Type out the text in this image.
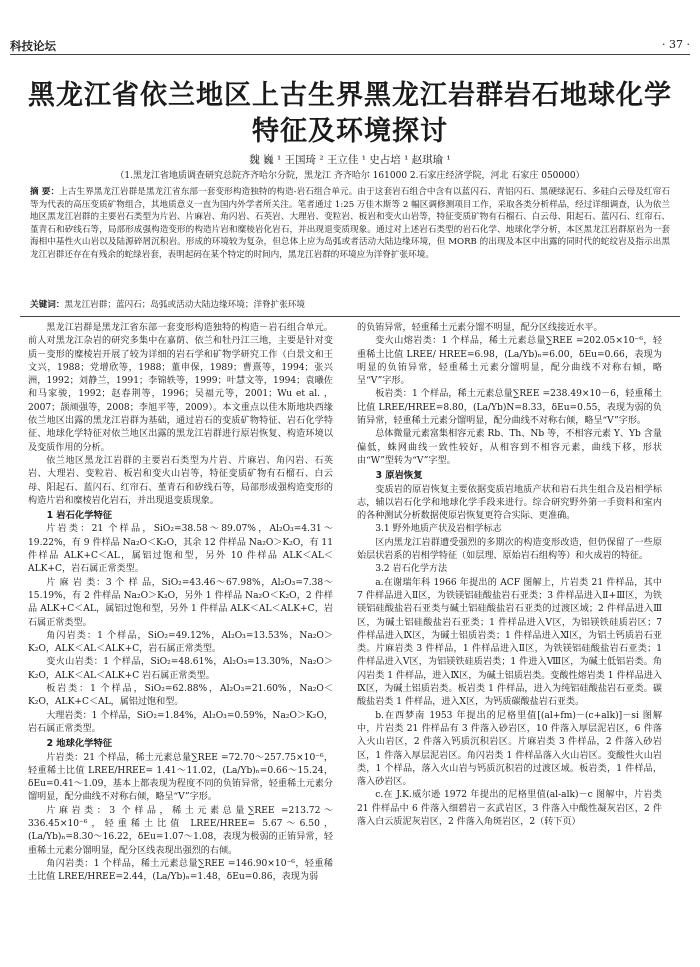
科技论坛	· 37 ·
黑龙江省依兰地区上古生界黑龙江岩群岩石地球化学特征及环境探讨
魏 巍 ¹ 王国琦 ² 王立佳 ¹ 史占培 ¹ 赵琪瑜 ¹
（1.黑龙江省地质调查研究总院齐齐哈尔分院，黑龙江 齐齐哈尔 161000 2.石家庄经济学院，河北 石家庄 050000）
摘 要：上古生界黑龙江岩群是黑龙江省东部一套变形构造独特的构造-岩石组合单元。由于这套岩石组合中含有以蓝闪石、青铝闪石、黑硬绿泥石、多硅白云母及红帘石等为代表的高压变质矿物组合，其地质意义一直为国内外学者所关注。笔者通过 1:25 万佳木斯等 2 幅区调修测项目工作，采取各类分析样品，经过详细调查，认为依兰地区黑龙江岩群的主要岩石类型为片岩、片麻岩、角闪岩、石英岩、大理岩、变粒岩、板岩和变火山岩等，特征变质矿物有石榴石、白云母、阳起石、蓝闪石、红帘石、堇青石和矽线石等，局部形成强构造变形的构造片岩和糜棱岩化岩石，并出现退变质现象。通过对上述岩石类型的岩石化学、地球化学分析，本区黑龙江岩群原岩为一套海相中基性火山岩以及陆源碎屑沉积岩。形成的环境较为复杂，但总体上应为岛弧或者活动大陆边缘环境，但 MORB 的出现及本区中出露的同时代的蛇纹岩及指示出黑龙江岩群还存在有残余的蛇绿岩套，表明起码在某个特定的时间内，黑龙江岩群的环境应为洋脊扩张环境。
关键词：黑龙江岩群；蓝闪石；岛弧或活动大陆边缘环境；洋脊扩张环境

黑龙江岩群是黑龙江省东部一套变形构造独特的构造－岩石组合单元。前人对黑龙江杂岩的研究多集中在嘉荫、依兰和牡丹江三地，主要是针对变质－变形的糜棱岩开展了较为详细的岩石学和矿物学研究工作（白景文和王文兴，1988；党增欣等，1988；董申保，1989；曹熹等，1994；张兴洲，1992；刘静兰，1991；李锦轶等，1999；叶慧文等，1994；袁曦佐和马家骏，1992；赵春荆等，1996；吴福元等，2001；Wu et al. ，2007；颉颃强等，2008；李旭平等，2009）。本文重点以佳木斯地块西缘依兰地区出露的黑龙江岩群为基础，通过岩石的变质矿物特征、岩石化学特征、地球化学特征对依兰地区出露的黑龙江岩群进行原岩恢复、构造环境以及变质作用的分析。

依兰地区黑龙江岩群的主要岩石类型为片岩、片麻岩、角闪岩、石英岩、大理岩、变粒岩、板岩和变火山岩等，特征变质矿物有石榴石、白云母、阳起石、蓝闪石、红帘石、堇青石和矽线石等，局部形成强构造变形的构造片岩和糜棱岩化岩石，并出现退变质现象。

1 岩石化学特征

片岩类：21 个样品，SiO₂=38.58～89.07%，Al₂O₃=4.31～19.22%，有 9 件样品 Na₂O＜K₂O，其余 12 件样品 Na₂O＞K₂O，有 11 件样品 ALK+C＜AL，属铝过饱和型，另外 10 件样品 ALK＜AL＜ALK+C，岩石属正常类型。

片 麻 岩 类：3 个 样 品，SiO₂=43.46～67.98%，Al₂O₃=7.38～15.19%，有 2 件样品 Na₂O＞K₂O，另外 1 件样品 Na₂O＜K₂O，2 件样品 ALK+C＜AL，属铝过饱和型，另外 1 件样品 ALK＜AL＜ALK+C，岩石属正常类型。

角闪岩类：1 个样品，SiO₂=49.12%，Al₂O₃=13.53%，Na₂O＞K₂O，ALK＜AL＜ALK+C，岩石属正常类型。

变火山岩类：1 个样品，SiO₂=48.61%，Al₂O₃=13.30%，Na₂O＞K₂O，ALK＜AL＜ALK+C 岩石属正常类型。

板岩类：1 个样品，SiO₂=62.88%，Al₂O₃=21.60%，Na₂O＜K₂O，ALK+C＜AL，属铝过饱和型。

大理岩类：1 个样品，SiO₂=1.84%，Al₂O₃=0.59%，Na₂O＞K₂O，岩石属正常类型。

2 地球化学特征

片岩类：21 个样品，稀土元素总量∑REE =72.70～257.75×10⁻⁶，轻重稀土比值 LREE/HREE= 1.41～11.02，(La/Yb)ₙ=0.66～15.24，δEu=0.41～1.09，基本上都表现为程度不同的负铕异常，轻重稀土元素分馏明显，配分曲线不对称右倾，略呈“V”字形。

片麻岩类：3 个样品，稀土元素总量∑REE =213.72～336.45×10⁻⁶，轻重稀土比值 LREE/HREE= 5.67～6.50，(La/Yb)ₙ=8.30～16.22，δEu=1.07～1.08，表现为极弱的正铕异常，轻重稀土元素分馏明显，配分区线表现出强烈的右倾。

角闪岩类：1 个样品，稀土元素总量∑REE =146.90×10⁻⁶，轻重稀土比值 LREE/HREE=2.44，(La/Yb)ₙ=1.48，δEu=0.86，表现为弱

的负铕异常，轻重稀土元素分馏不明显，配分区线接近水平。

变火山熔岩类：1 个样品，稀土元素总量∑REE =202.05×10⁻⁶，轻重稀土比值 LREE/ HREE=6.98，(La/Yb)ₙ=6.00，δEu=0.66，表现为明显的负铕异常，轻重稀土元素分馏明显，配分曲线不对称右倾，略呈“V”字形。

板岩类：1 个样品，稀土元素总量∑REE =238.49×10－6，轻重稀土比值 LREE/HREE=8.80，(La/Yb)N=8.33，δEu=0.55，表现为弱的负铕异常，轻重稀土元素分馏明显，配分曲线不对称右倾，略呈“V”字形。

总体微量元素富集相容元素 Rb、Th、Nb 等，不相容元素 Y、Yb 含量偏低，蛛网曲线一致性较好，从相容到不相容元素，曲线下移，形状由“W”型转为“V”字型。

3 原岩恢复

变质岩的原岩恢复主要依据变质岩地质产状和岩石共生组合及岩相学标志，辅以岩石化学和地球化学手段来进行。综合研究野外第一手资料和室内的各种测试分析数据使原岩恢复更符合实际、更准确。

3.1 野外地质产状及岩相学标志

区内黑龙江岩群遭受强烈的多期次的构造变形改造，但仍保留了一些原始层状岩系的岩相学特征（如层理、原始岩石组构等）和火成岩的特征。

3.2 岩石化学方法

a.在谢瑞年科 1966 年提出的 ACF 图解上，片岩类 21 件样品，其中 7 件样品进入Ⅱ区，为铁镁铝硅酸盐岩石亚类；3 件样品进入Ⅱ+Ⅲ区，为铁镁铝硅酸盐岩石亚类与碱土铝硅酸盐岩石亚类的过渡区域；2 件样品进入Ⅲ区，为碱土铝硅酸盐岩石亚类；1 件样品进入Ⅴ区，为铝镁铁硅质岩区；7 件样品进入Ⅸ区，为碱土铝质岩类；1 件样品进入Ⅺ区，为铝土钙质岩石亚类。片麻岩类 3 件样品，1 件样品进入Ⅱ区，为铁镁铝硅酸盐岩石亚类；1 件样品进入Ⅴ区，为铝镁铁硅质岩类；1 件进入Ⅷ区，为碱土低铝岩类。角闪岩类 1 件样品，进入Ⅸ区，为碱土铝质岩类。变酸性熔岩类 1 件样品进入Ⅸ区，为碱土铝质岩类。板岩类 1 件样品，进入为纯铝硅酸盐岩石亚类。碳酸盐岩类 1 件样品，进入Ⅹ区，为钙质碳酸盐岩石亚类。

b.在西梦南 1953 年提出的尼格里值[(al+fm)－(c+alk)]－si 图解中，片岩类 21 件样品有 3 件落入砂岩区，10 件落入厚层泥岩区，6 件落入火山岩区，2 件落入钙质沉积岩区。片麻岩类 3 件样品，2 件落入砂岩区，1 件落入厚层泥岩区。角闪岩类 1 件样品落入火山岩区。变酸性火山岩类，1 个样品，落入火山岩与钙质沉积岩的过渡区域。板岩类，1 件样品，落入砂岩区。

c.在 J.K.威尔逊 1972 年提出的尼格里值(al-alk)－c 图解中，片岩类 21 件样品中 6 件落入细碧岩－玄武岩区，3 件落入中酸性凝灰岩区，2 件落入白云质泥灰岩区，2 件落入角斑岩区，2（转下页）
